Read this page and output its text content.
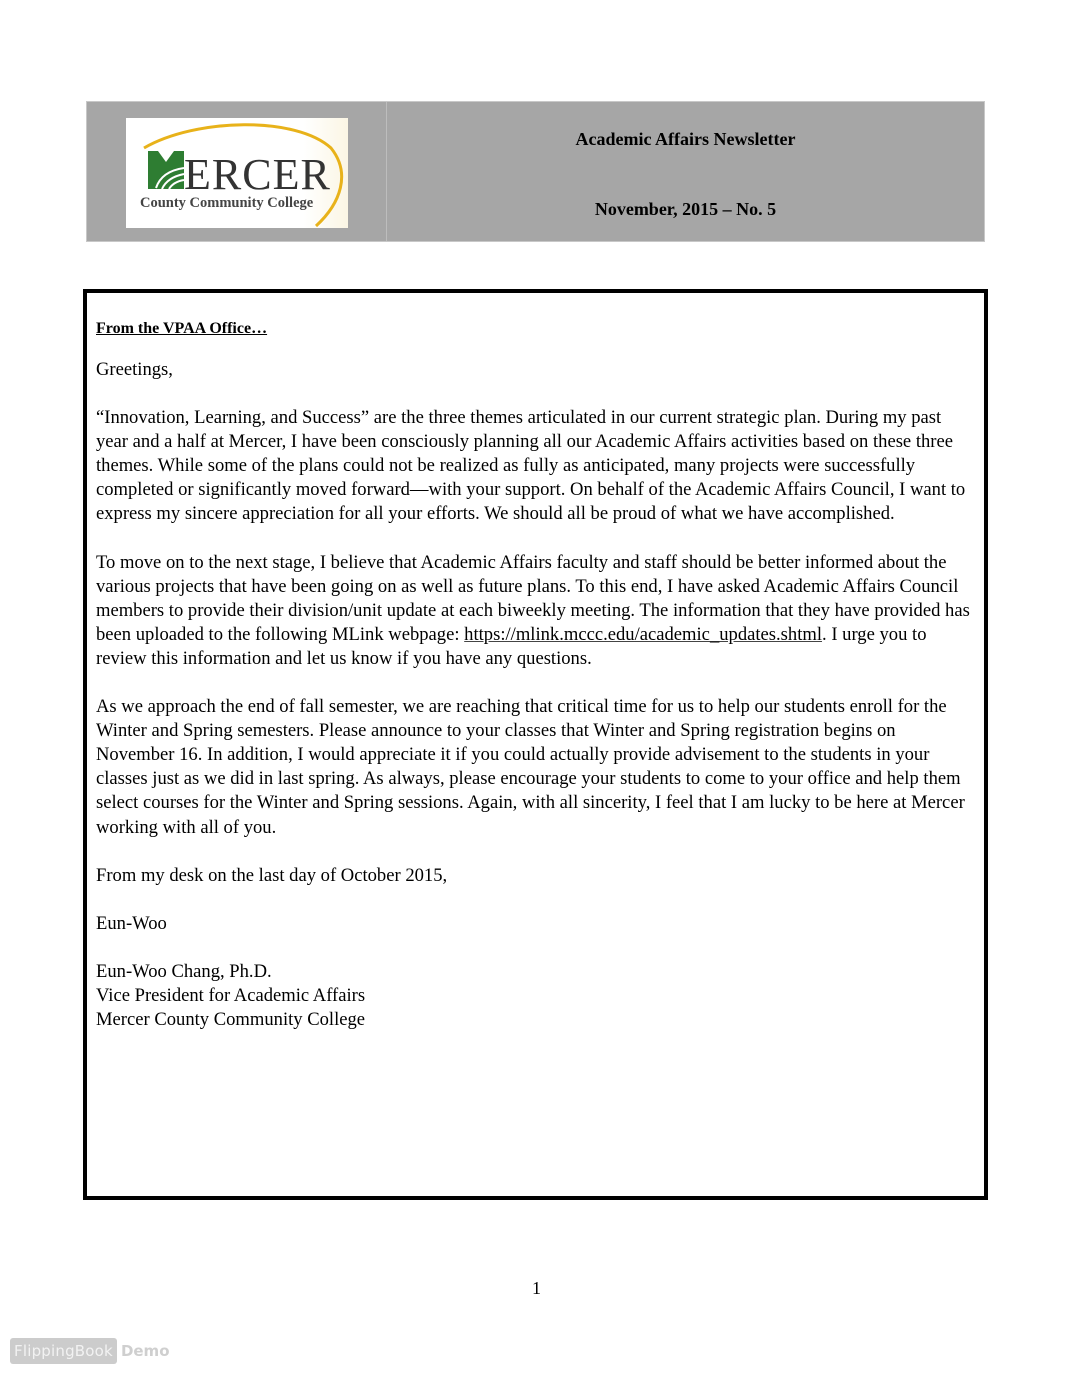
ERCER
County Community College
Academic Affairs Newsletter
November, 2015 – No. 5
From the VPAA Office…

Greetings,

“Innovation, Learning, and Success” are the three themes articulated in our current strategic plan. During my past year and a half at Mercer, I have been consciously planning all our Academic Affairs activities based on these three themes. While some of the plans could not be realized as fully as anticipated, many projects were successfully completed or significantly moved forward—with your support. On behalf of the Academic Affairs Council, I want to express my sincere appreciation for all your efforts. We should all be proud of what we have accomplished.

To move on to the next stage, I believe that Academic Affairs faculty and staff should be better informed about the various projects that have been going on as well as future plans. To this end, I have asked Academic Affairs Council members to provide their division/unit update at each biweekly meeting. The information that they have provided has been uploaded to the following MLink webpage: https://mlink.mccc.edu/academic_updates.shtml. I urge you to review this information and let us know if you have any questions.

As we approach the end of fall semester, we are reaching that critical time for us to help our students enroll for the Winter and Spring semesters. Please announce to your classes that Winter and Spring registration begins on November 16. In addition, I would appreciate it if you could actually provide advisement to the students in your classes just as we did in last spring. As always, please encourage your students to come to your office and help them select courses for the Winter and Spring sessions. Again, with all sincerity, I feel that I am lucky to be here at Mercer working with all of you.

From my desk on the last day of October 2015,

Eun-Woo

Eun-Woo Chang, Ph.D.

Vice President for Academic Affairs

Mercer County Community College

1
FlippingBook Demo
